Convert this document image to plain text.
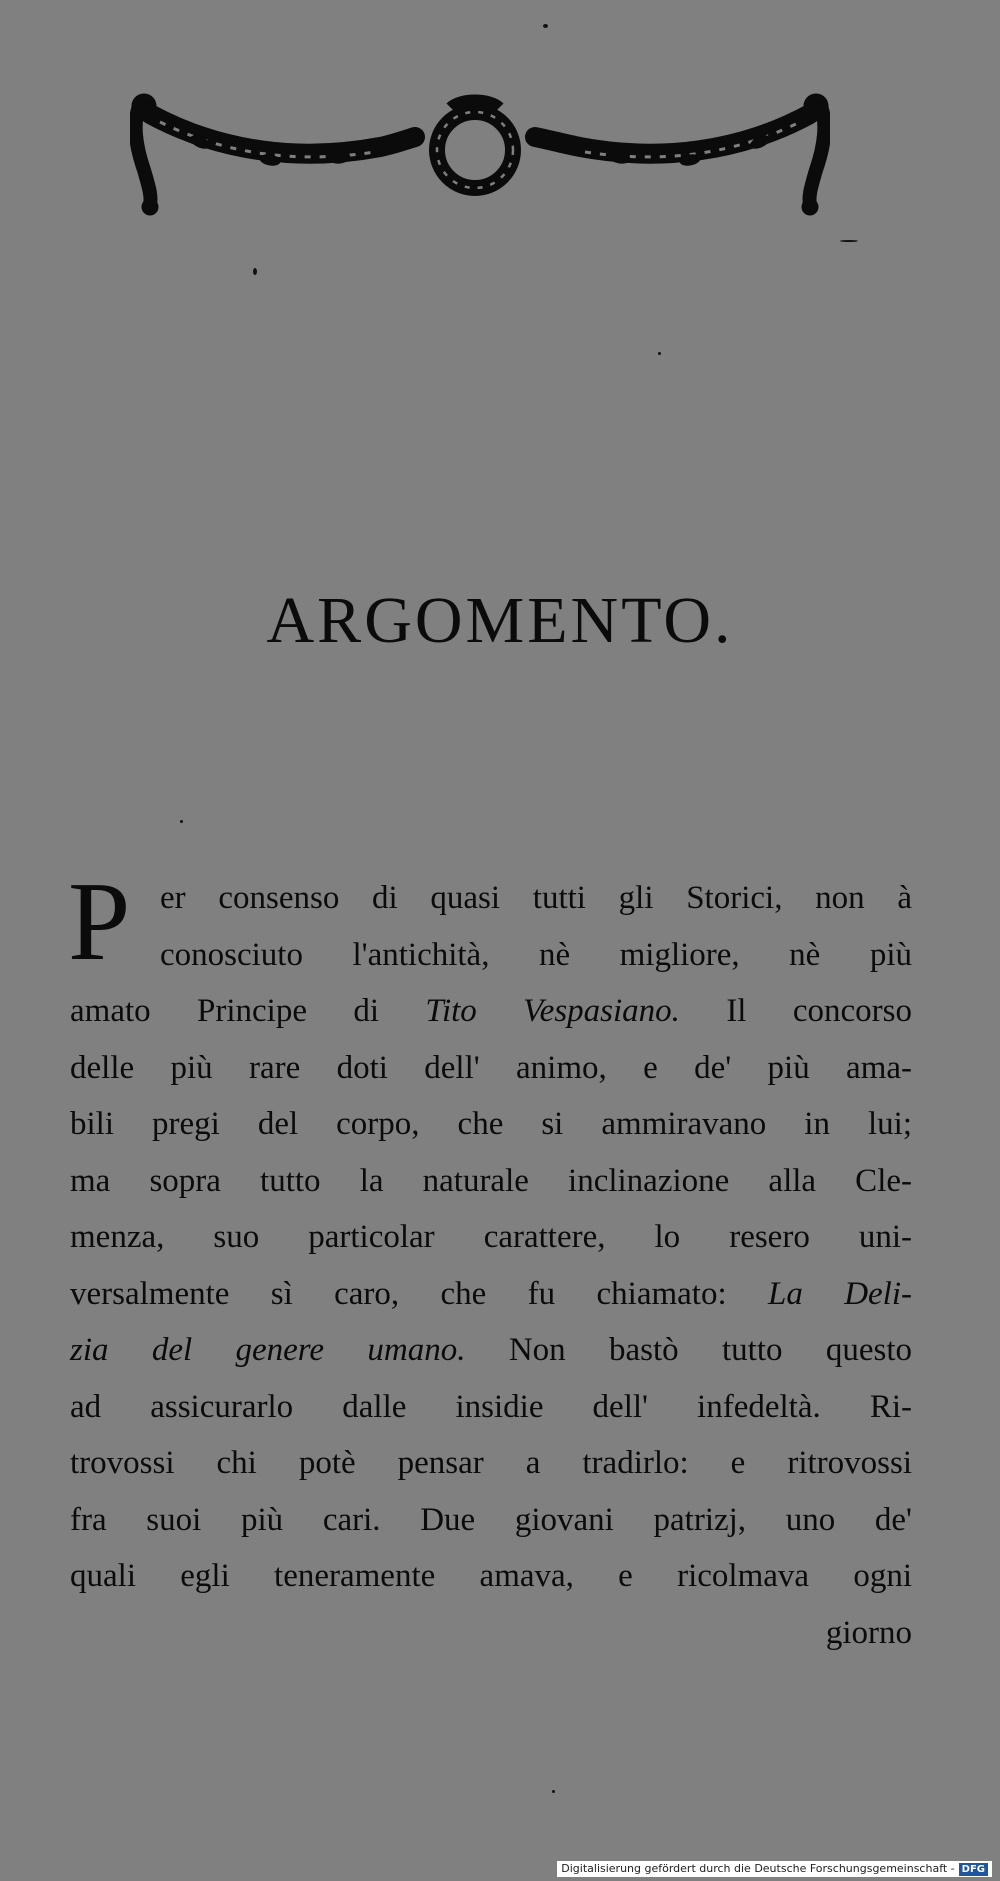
ARGOMENTO.
P er consenso di quasi tutti gli Storici, non à
conosciuto l'antichità, nè migliore, nè più
amato Principe di Tito Vespasiano. Il concorso
delle più rare doti dell' animo, e de' più ama-
bili pregi del corpo, che si ammiravano in lui;
ma sopra tutto la naturale inclinazione alla Cle-
menza, suo particolar carattere, lo resero uni-
versalmente sì caro, che fu chiamato: La Deli-
zia del genere umano. Non bastò tutto questo
ad assicurarlo dalle insidie dell' infedeltà. Ri-
trovossi chi potè pensar a tradirlo: e ritrovossi
fra suoi più cari. Due giovani patrizj, uno de'
quali egli teneramente amava, e ricolmava ogni
giorno
Digitalisierung gefördert durch die Deutsche Forschungsgemeinschaft - DFG
